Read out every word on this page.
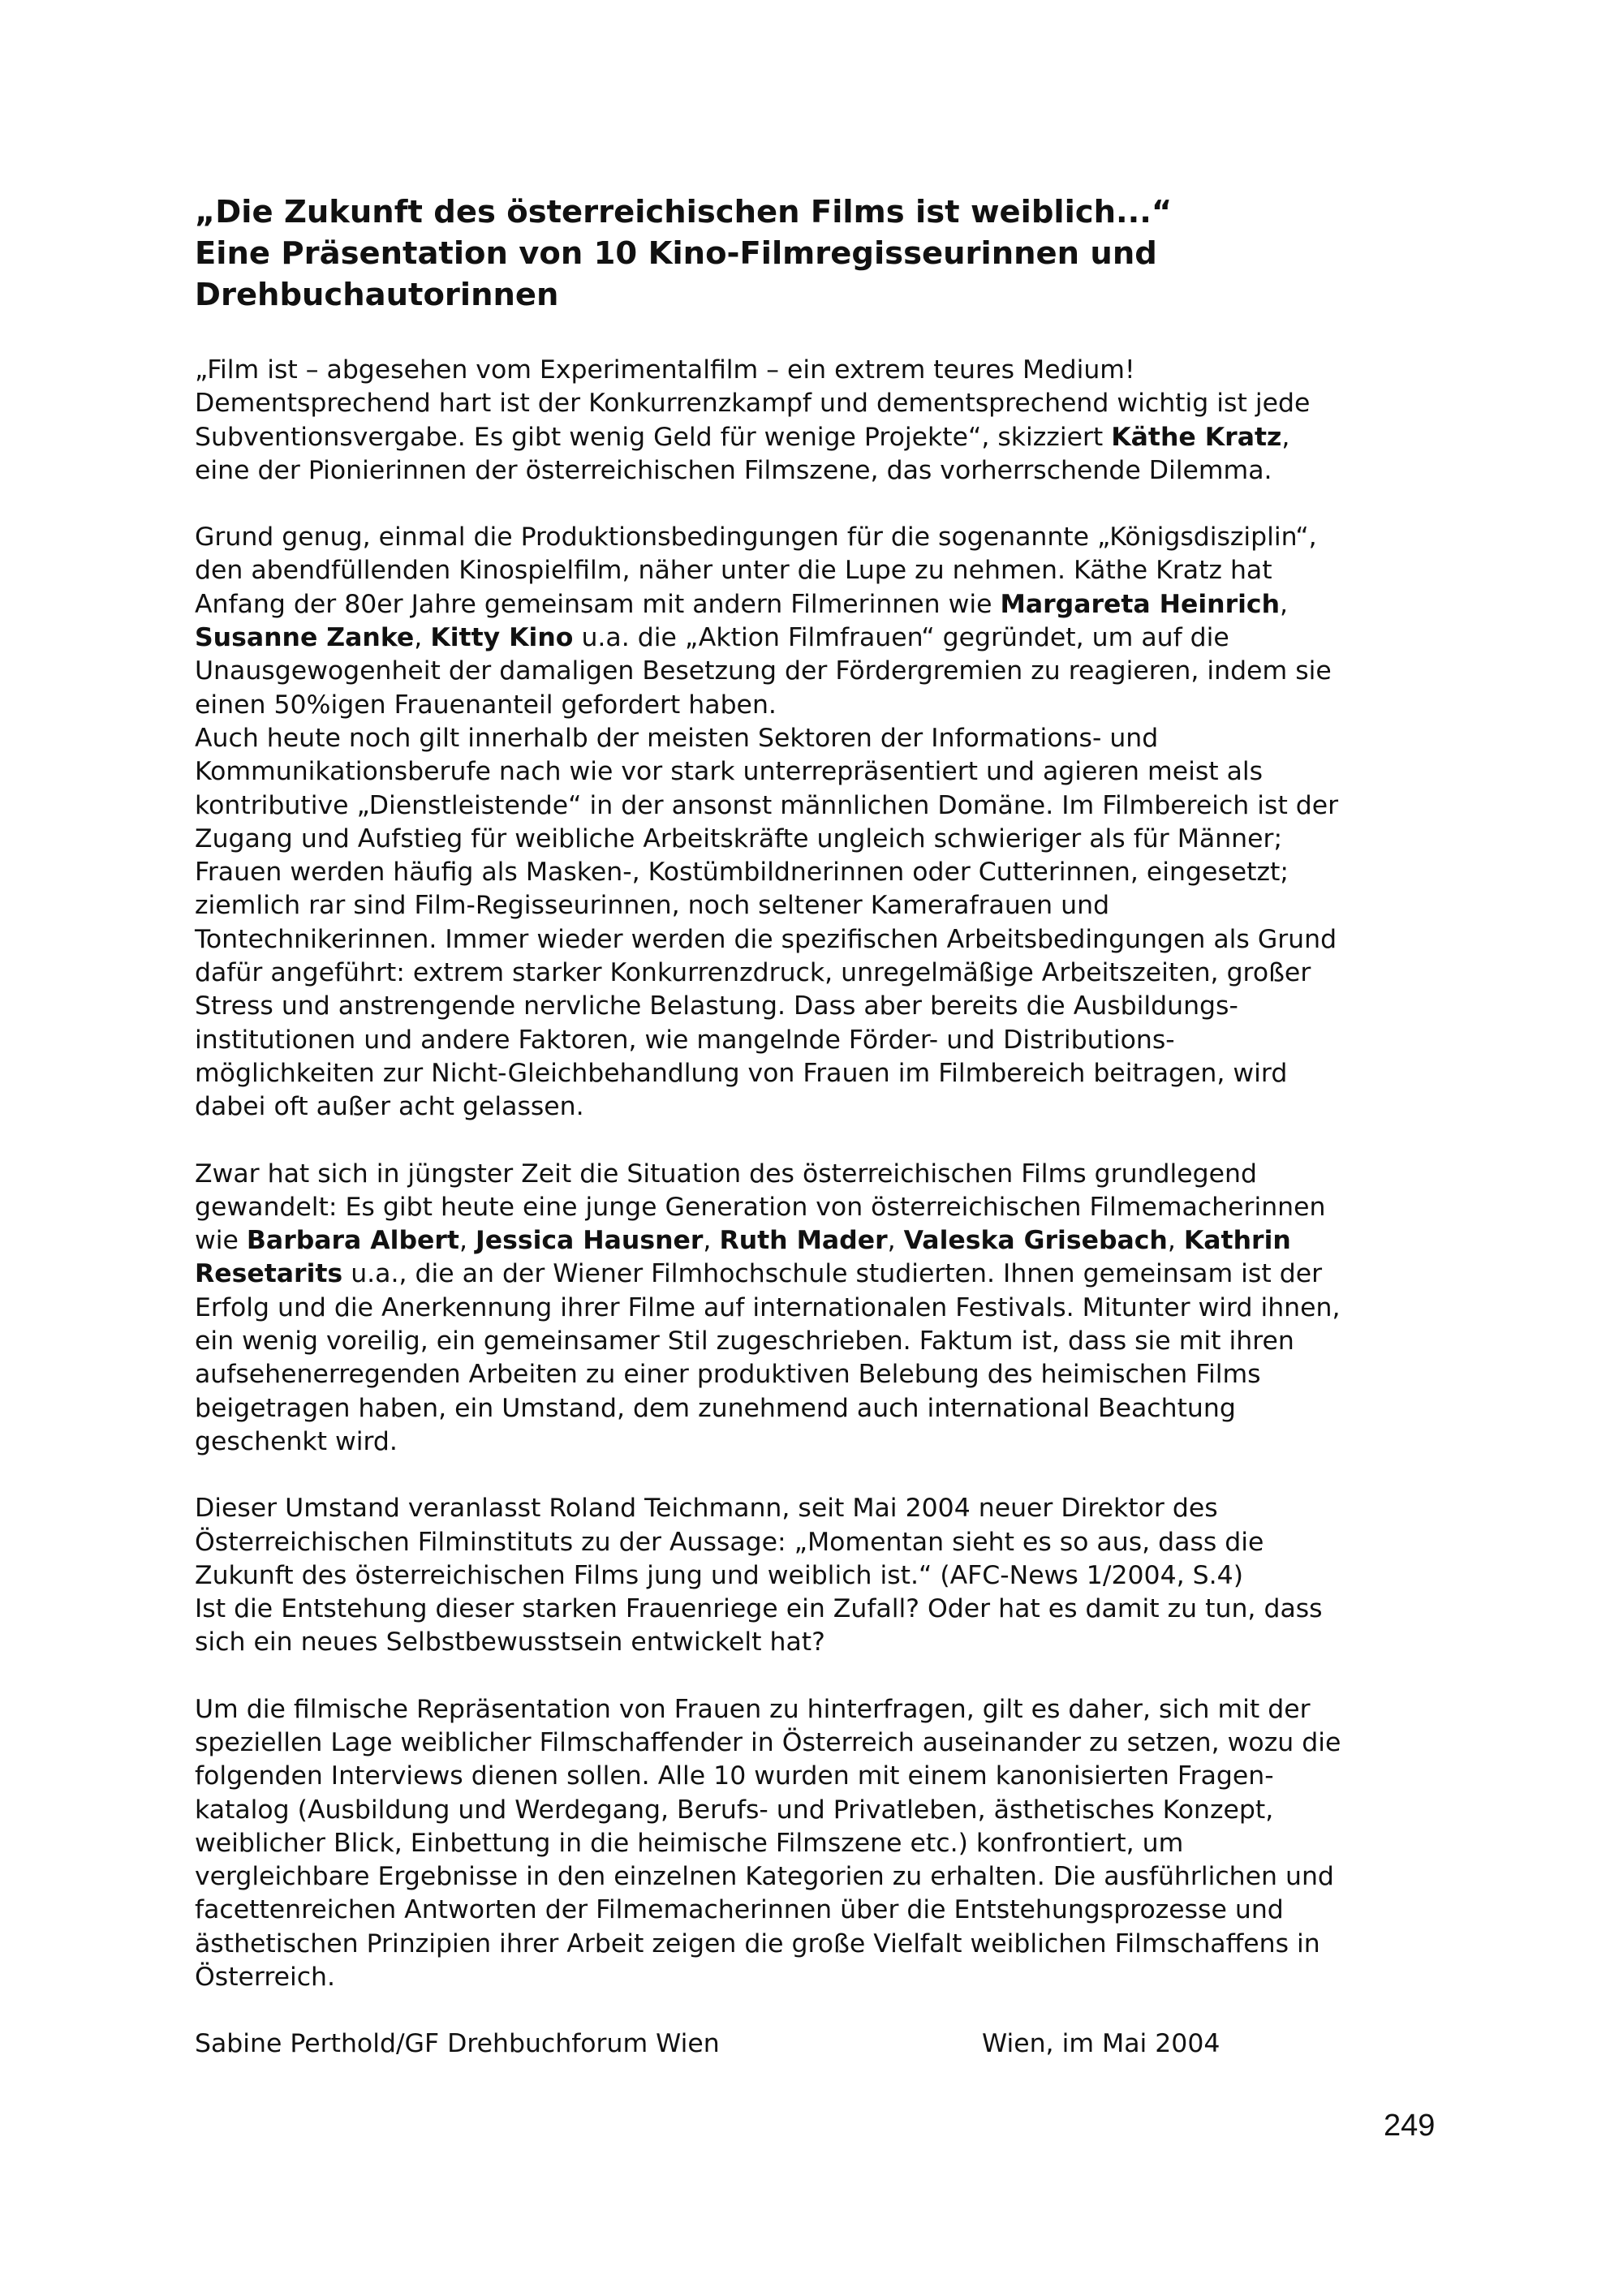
„Die Zukunft des österreichischen Films ist weiblich...“
Eine Präsentation von 10 Kino-Filmregisseurinnen und
Drehbuchautorinnen

„Film ist – abgesehen vom Experimentalfilm – ein extrem teures Medium!
Dementsprechend hart ist der Konkurrenzkampf und dementsprechend wichtig ist jede
Subventionsvergabe. Es gibt wenig Geld für wenige Projekte“, skizziert Käthe Kratz,
eine der Pionierinnen der österreichischen Filmszene, das vorherrschende Dilemma.

Grund genug, einmal die Produktionsbedingungen für die sogenannte „Königsdisziplin“,
den abendfüllenden Kinospielfilm, näher unter die Lupe zu nehmen. Käthe Kratz hat
Anfang der 80er Jahre gemeinsam mit andern Filmerinnen wie Margareta Heinrich,
Susanne Zanke, Kitty Kino u.a. die „Aktion Filmfrauen“ gegründet, um auf die
Unausgewogenheit der damaligen Besetzung der Fördergremien zu reagieren, indem sie
einen 50%igen Frauenanteil gefordert haben.

Auch heute noch gilt innerhalb der meisten Sektoren der Informations- und
Kommunikationsberufe nach wie vor stark unterrepräsentiert und agieren meist als
kontributive „Dienstleistende“ in der ansonst männlichen Domäne. Im Filmbereich ist der
Zugang und Aufstieg für weibliche Arbeitskräfte ungleich schwieriger als für Männer;
Frauen werden häufig als Masken-, Kostümbildnerinnen oder Cutterinnen, eingesetzt;
ziemlich rar sind Film-Regisseurinnen, noch seltener Kamerafrauen und
Tontechnikerinnen. Immer wieder werden die spezifischen Arbeitsbedingungen als Grund
dafür angeführt: extrem starker Konkurrenzdruck, unregelmäßige Arbeitszeiten, großer
Stress und anstrengende nervliche Belastung. Dass aber bereits die Ausbildungs-
institutionen und andere Faktoren, wie mangelnde Förder- und Distributions-
möglichkeiten zur Nicht-Gleichbehandlung von Frauen im Filmbereich beitragen, wird
dabei oft außer acht gelassen.

Zwar hat sich in jüngster Zeit die Situation des österreichischen Films grundlegend
gewandelt: Es gibt heute eine junge Generation von österreichischen Filmemacherinnen
wie Barbara Albert, Jessica Hausner, Ruth Mader, Valeska Grisebach, Kathrin
Resetarits u.a., die an der Wiener Filmhochschule studierten. Ihnen gemeinsam ist der
Erfolg und die Anerkennung ihrer Filme auf internationalen Festivals. Mitunter wird ihnen,
ein wenig voreilig, ein gemeinsamer Stil zugeschrieben. Faktum ist, dass sie mit ihren
aufsehenerregenden Arbeiten zu einer produktiven Belebung des heimischen Films
beigetragen haben, ein Umstand, dem zunehmend auch international Beachtung
geschenkt wird.

Dieser Umstand veranlasst Roland Teichmann, seit Mai 2004 neuer Direktor des
Österreichischen Filminstituts zu der Aussage: „Momentan sieht es so aus, dass die
Zukunft des österreichischen Films jung und weiblich ist.“ (AFC-News 1/2004, S.4)
Ist die Entstehung dieser starken Frauenriege ein Zufall? Oder hat es damit zu tun, dass
sich ein neues Selbstbewusstsein entwickelt hat?

Um die filmische Repräsentation von Frauen zu hinterfragen, gilt es daher, sich mit der
speziellen Lage weiblicher Filmschaffender in Österreich auseinander zu setzen, wozu die
folgenden Interviews dienen sollen. Alle 10 wurden mit einem kanonisierten Fragen-
katalog (Ausbildung und Werdegang, Berufs- und Privatleben, ästhetisches Konzept,
weiblicher Blick, Einbettung in die heimische Filmszene etc.) konfrontiert, um
vergleichbare Ergebnisse in den einzelnen Kategorien zu erhalten. Die ausführlichen und
facettenreichen Antworten der Filmemacherinnen über die Entstehungsprozesse und
ästhetischen Prinzipien ihrer Arbeit zeigen die große Vielfalt weiblichen Filmschaffens in
Österreich.

Sabine Perthold/GF Drehbuchforum Wien	Wien, im Mai 2004
249
